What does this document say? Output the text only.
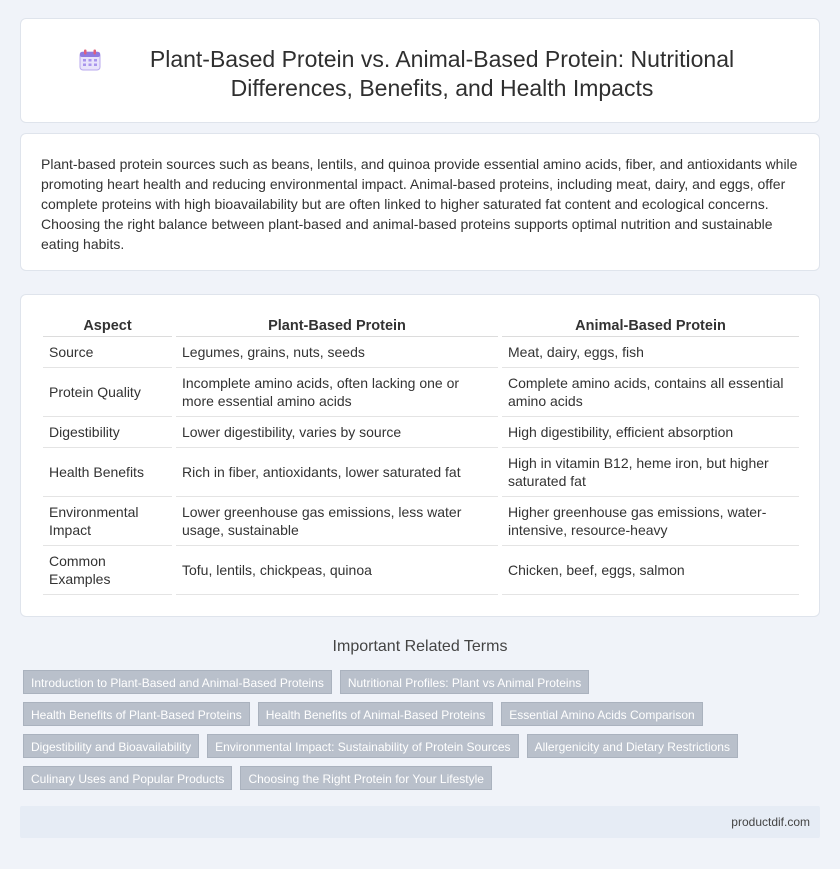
Plant-Based Protein vs. Animal-Based Protein: Nutritional Differences, Benefits, and Health Impacts

Plant-based protein sources such as beans, lentils, and quinoa provide essential amino acids, fiber, and antioxidants while promoting heart health and reducing environmental impact. Animal-based proteins, including meat, dairy, and eggs, offer complete proteins with high bioavailability but are often linked to higher saturated fat content and ecological concerns. Choosing the right balance between plant-based and animal-based proteins supports optimal nutrition and sustainable eating habits.

Aspect		Plant-Based Protein		Animal-Based Protein
Source		Legumes, grains, nuts, seeds		Meat, dairy, eggs, fish
Protein Quality		Incomplete amino acids, often lacking one or more essential amino acids		Complete amino acids, contains all essential amino acids
Digestibility		Lower digestibility, varies by source		High digestibility, efficient absorption
Health Benefits		Rich in fiber, antioxidants, lower saturated fat		High in vitamin B12, heme iron, but higher saturated fat
Environmental Impact		Lower greenhouse gas emissions, less water usage, sustainable		Higher greenhouse gas emissions, water-intensive, resource-heavy
Common Examples		Tofu, lentils, chickpeas, quinoa		Chicken, beef, eggs, salmon
Important Related Terms
Introduction to Plant-Based and Animal-Based Proteins	Nutritional Profiles: Plant vs Animal Proteins
Health Benefits of Plant-Based Proteins	Health Benefits of Animal-Based Proteins	Essential Amino Acids Comparison
Digestibility and Bioavailability	Environmental Impact: Sustainability of Protein Sources	Allergenicity and Dietary Restrictions
Culinary Uses and Popular Products	Choosing the Right Protein for Your Lifestyle
productdif.com
